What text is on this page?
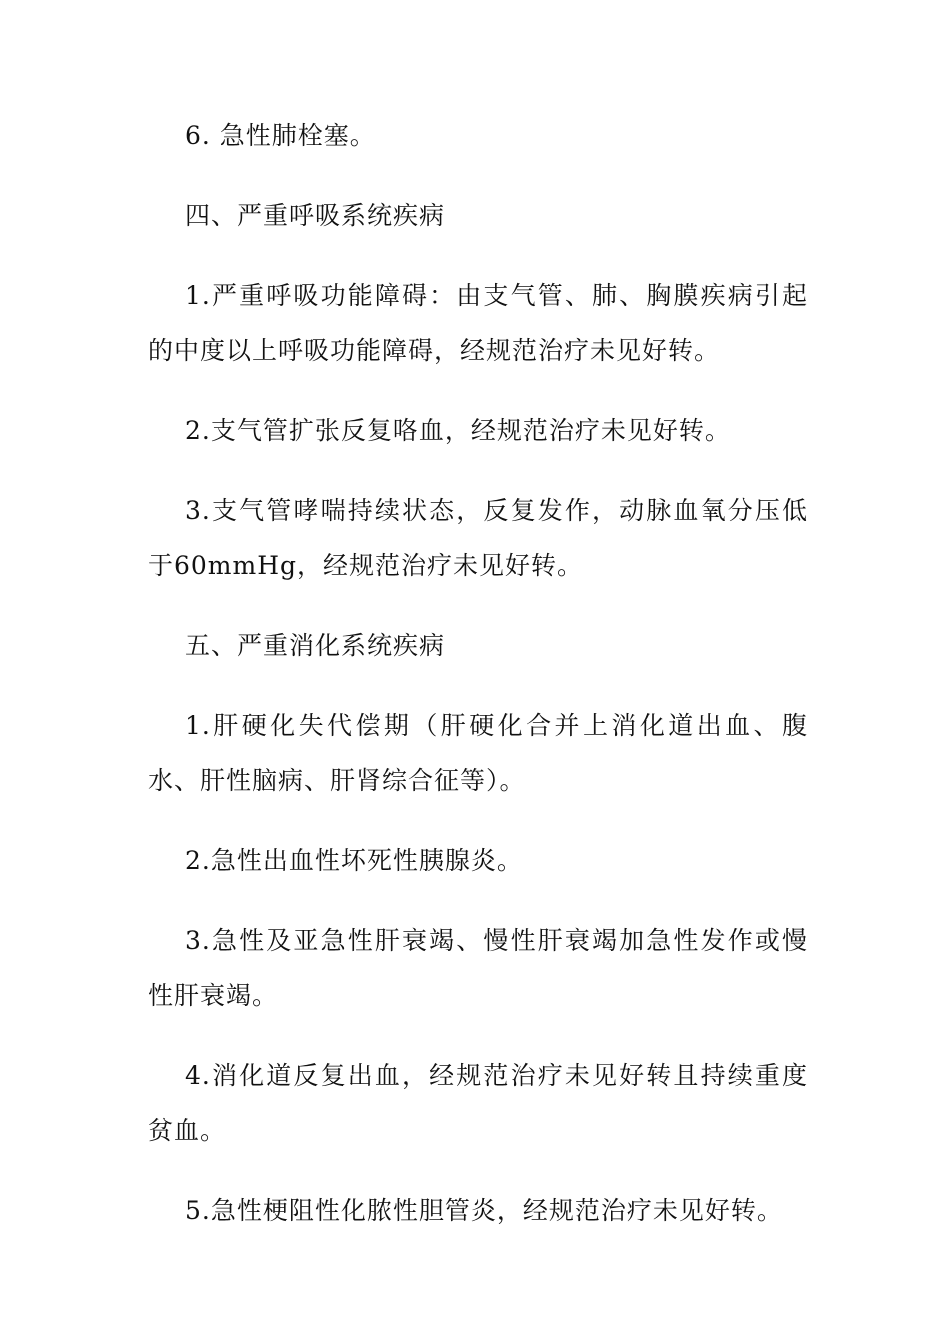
6. 急性肺栓塞。

四、严重呼吸系统疾病

1.严重呼吸功能障碍：由支气管、肺、胸膜疾病引起的中度以上呼吸功能障碍，经规范治疗未见好转。

2.支气管扩张反复咯血，经规范治疗未见好转。

3.支气管哮喘持续状态，反复发作，动脉血氧分压低于60mmHg，经规范治疗未见好转。

五、严重消化系统疾病

1.肝硬化失代偿期（肝硬化合并上消化道出血、腹水、肝性脑病、肝肾综合征等）。

2.急性出血性坏死性胰腺炎。

3.急性及亚急性肝衰竭、慢性肝衰竭加急性发作或慢性肝衰竭。

4.消化道反复出血，经规范治疗未见好转且持续重度贫血。

5.急性梗阻性化脓性胆管炎，经规范治疗未见好转。
